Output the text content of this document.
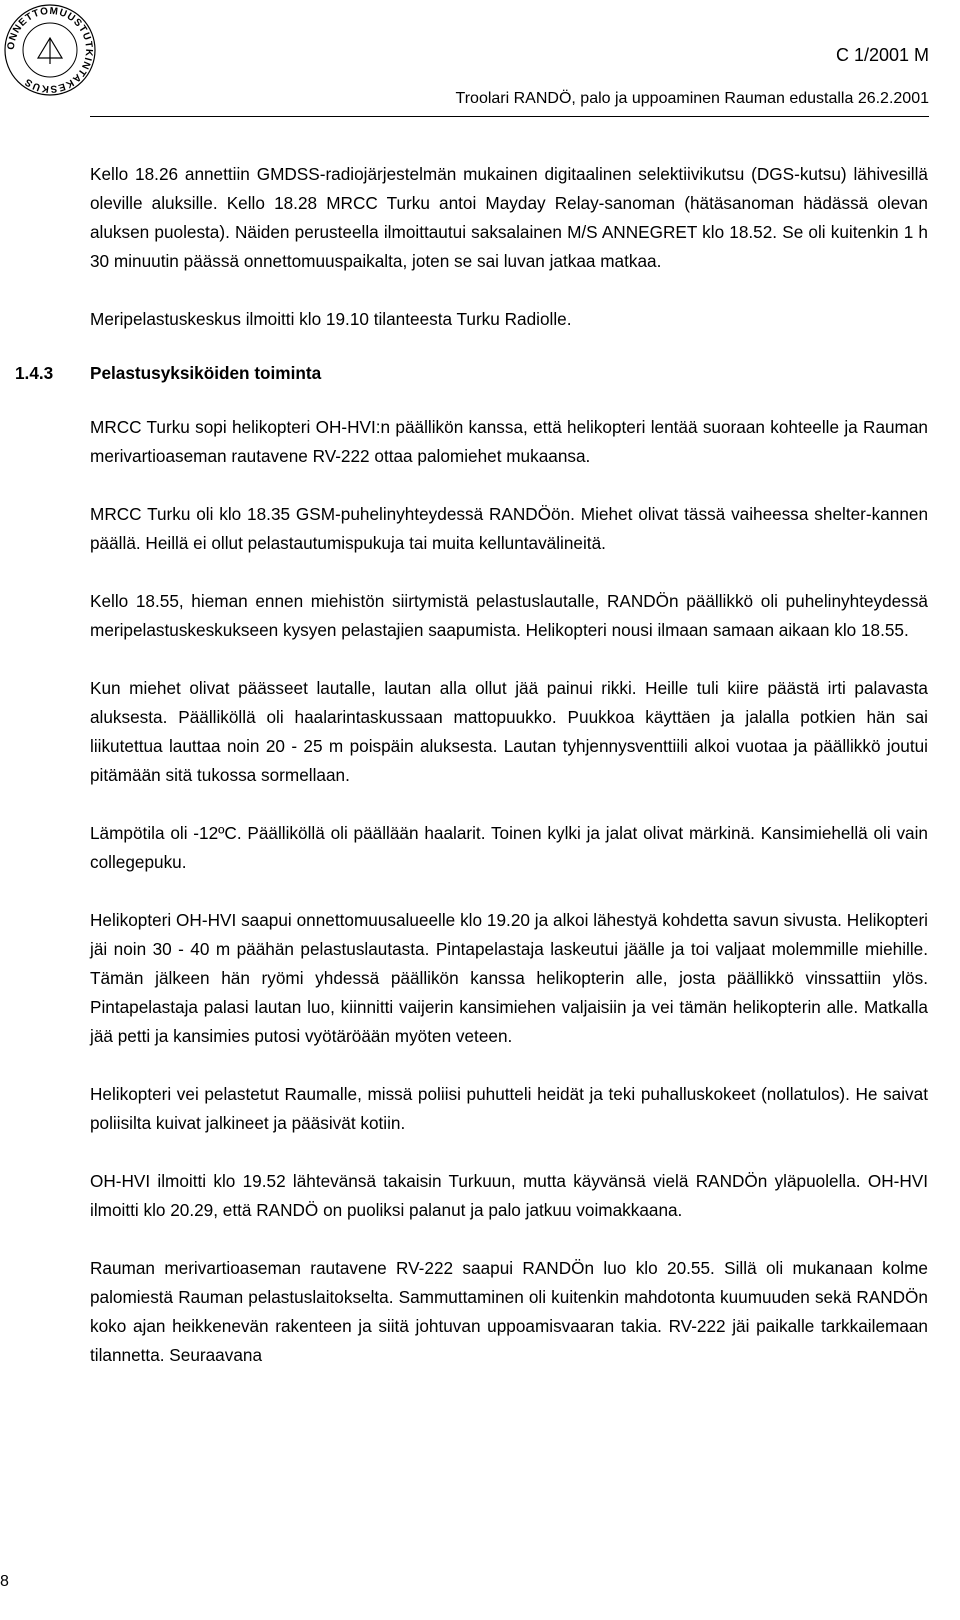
ONNETTOMUUSTUTKINTAKESKUS
C 1/2001 M
Troolari RANDÖ, palo ja uppoaminen Rauman edustalla 26.2.2001

Kello 18.26 annettiin GMDSS-radiojärjestelmän mukainen digitaalinen selektiivikutsu (DGS-kutsu) lähivesillä oleville aluksille. Kello 18.28 MRCC Turku antoi Mayday Relay-sanoman (hätäsanoman hädässä olevan aluksen puolesta). Näiden perusteella ilmoittautui saksalainen M/S ANNEGRET klo 18.52. Se oli kuitenkin 1 h 30 minuutin päässä onnettomuuspaikalta, joten se sai luvan jatkaa matkaa.

Meripelastuskeskus ilmoitti klo 19.10 tilanteesta Turku Radiolle.

1.4.3 Pelastusyksiköiden toiminta

MRCC Turku sopi helikopteri OH-HVI:n päällikön kanssa, että helikopteri lentää suoraan kohteelle ja Rauman merivartioaseman rautavene RV-222 ottaa palomiehet mukaansa.

MRCC Turku oli klo 18.35 GSM-puhelinyhteydessä RANDÖön. Miehet olivat tässä vaiheessa shelter-kannen päällä. Heillä ei ollut pelastautumispukuja tai muita kelluntavälineitä.

Kello 18.55, hieman ennen miehistön siirtymistä pelastuslautalle, RANDÖn päällikkö oli puhelinyhteydessä meripelastuskeskukseen kysyen pelastajien saapumista. Helikopteri nousi ilmaan samaan aikaan klo 18.55.

Kun miehet olivat päässeet lautalle, lautan alla ollut jää painui rikki. Heille tuli kiire päästä irti palavasta aluksesta. Päälliköllä oli haalarintaskussaan mattopuukko. Puukkoa käyttäen ja jalalla potkien hän sai liikutettua lauttaa noin 20 - 25 m poispäin aluksesta. Lautan tyhjennysventtiili alkoi vuotaa ja päällikkö joutui pitämään sitä tukossa sormellaan.

Lämpötila oli -12ºC. Päälliköllä oli päällään haalarit. Toinen kylki ja jalat olivat märkinä. Kansimiehellä oli vain collegepuku.

Helikopteri OH-HVI saapui onnettomuusalueelle klo 19.20 ja alkoi lähestyä kohdetta savun sivusta. Helikopteri jäi noin 30 - 40 m päähän pelastuslautasta. Pintapelastaja laskeutui jäälle ja toi valjaat molemmille miehille. Tämän jälkeen hän ryömi yhdessä päällikön kanssa helikopterin alle, josta päällikkö vinssattiin ylös. Pintapelastaja palasi lautan luo, kiinnitti vaijerin kansimiehen valjaisiin ja vei tämän helikopterin alle. Matkalla jää petti ja kansimies putosi vyötäröään myöten veteen.

Helikopteri vei pelastetut Raumalle, missä poliisi puhutteli heidät ja teki puhalluskokeet (nollatulos). He saivat poliisilta kuivat jalkineet ja pääsivät kotiin.

OH-HVI ilmoitti klo 19.52 lähtevänsä takaisin Turkuun, mutta käyvänsä vielä RANDÖn yläpuolella. OH-HVI ilmoitti klo 20.29, että RANDÖ on puoliksi palanut ja palo jatkuu voimakkaana.

Rauman merivartioaseman rautavene RV-222 saapui RANDÖn luo klo 20.55. Sillä oli mukanaan kolme palomiestä Rauman pelastuslaitokselta. Sammuttaminen oli kuitenkin mahdotonta kuumuuden sekä RANDÖn koko ajan heikkenevän rakenteen ja siitä johtuvan uppoamisvaaran takia. RV-222 jäi paikalle tarkkailemaan tilannetta. Seuraavana

8
